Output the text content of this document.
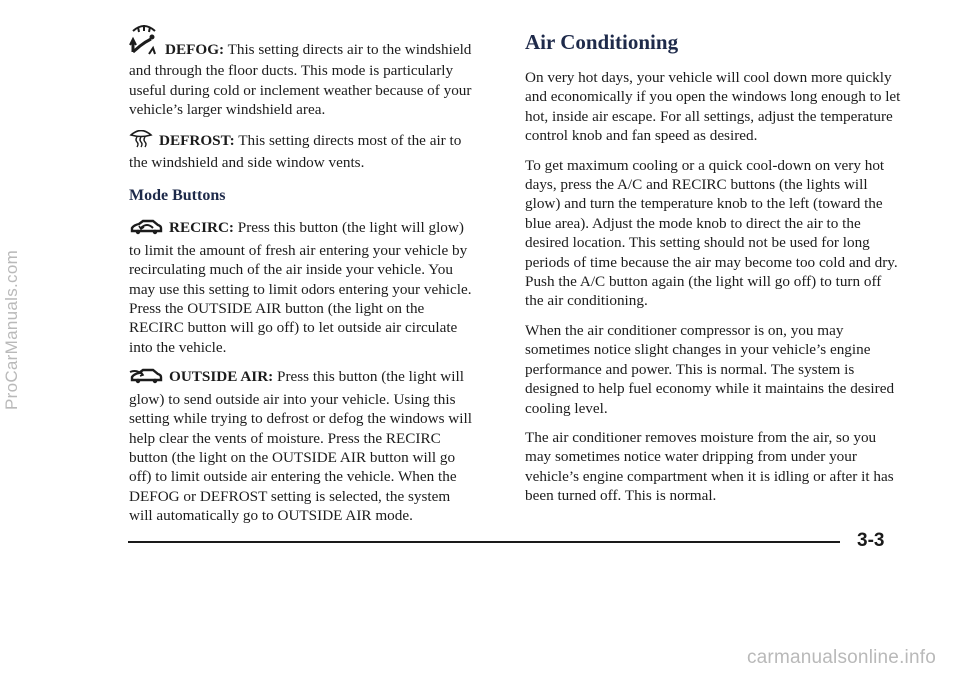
ProCarManuals.com

DEFOG: This setting directs air to the windshield and through the floor ducts. This mode is particularly useful during cold or inclement weather because of your vehicle’s larger windshield area.

DEFROST: This setting directs most of the air to the windshield and side window vents.

Mode Buttons

RECIRC: Press this button (the light will glow) to limit the amount of fresh air entering your vehicle by recirculating much of the air inside your vehicle. You may use this setting to limit odors entering your vehicle. Press the OUTSIDE AIR button (the light on the RECIRC button will go off) to let outside air circulate into the vehicle.

OUTSIDE AIR: Press this button (the light will glow) to send outside air into your vehicle. Using this setting while trying to defrost or defog the windows will help clear the vents of moisture. Press the RECIRC button (the light on the OUTSIDE AIR button will go off) to limit outside air entering the vehicle. When the DEFOG or DEFROST setting is selected, the system will automatically go to OUTSIDE AIR mode.

Air Conditioning

On very hot days, your vehicle will cool down more quickly and economically if you open the windows long enough to let hot, inside air escape. For all settings, adjust the temperature control knob and fan speed as desired.

To get maximum cooling or a quick cool-down on very hot days, press the A/C and RECIRC buttons (the lights will glow) and turn the temperature knob to the left (toward the blue area). Adjust the mode knob to direct the air to the desired location. This setting should not be used for long periods of time because the air may become too cold and dry. Push the A/C button again (the light will go off) to turn off the air conditioning.

When the air conditioner compressor is on, you may sometimes notice slight changes in your vehicle’s engine performance and power. This is normal. The system is designed to help fuel economy while it maintains the desired cooling level.

The air conditioner removes moisture from the air, so you may sometimes notice water dripping from under your vehicle’s engine compartment when it is idling or after it has been turned off. This is normal.

3-3
carmanualsonline.info
